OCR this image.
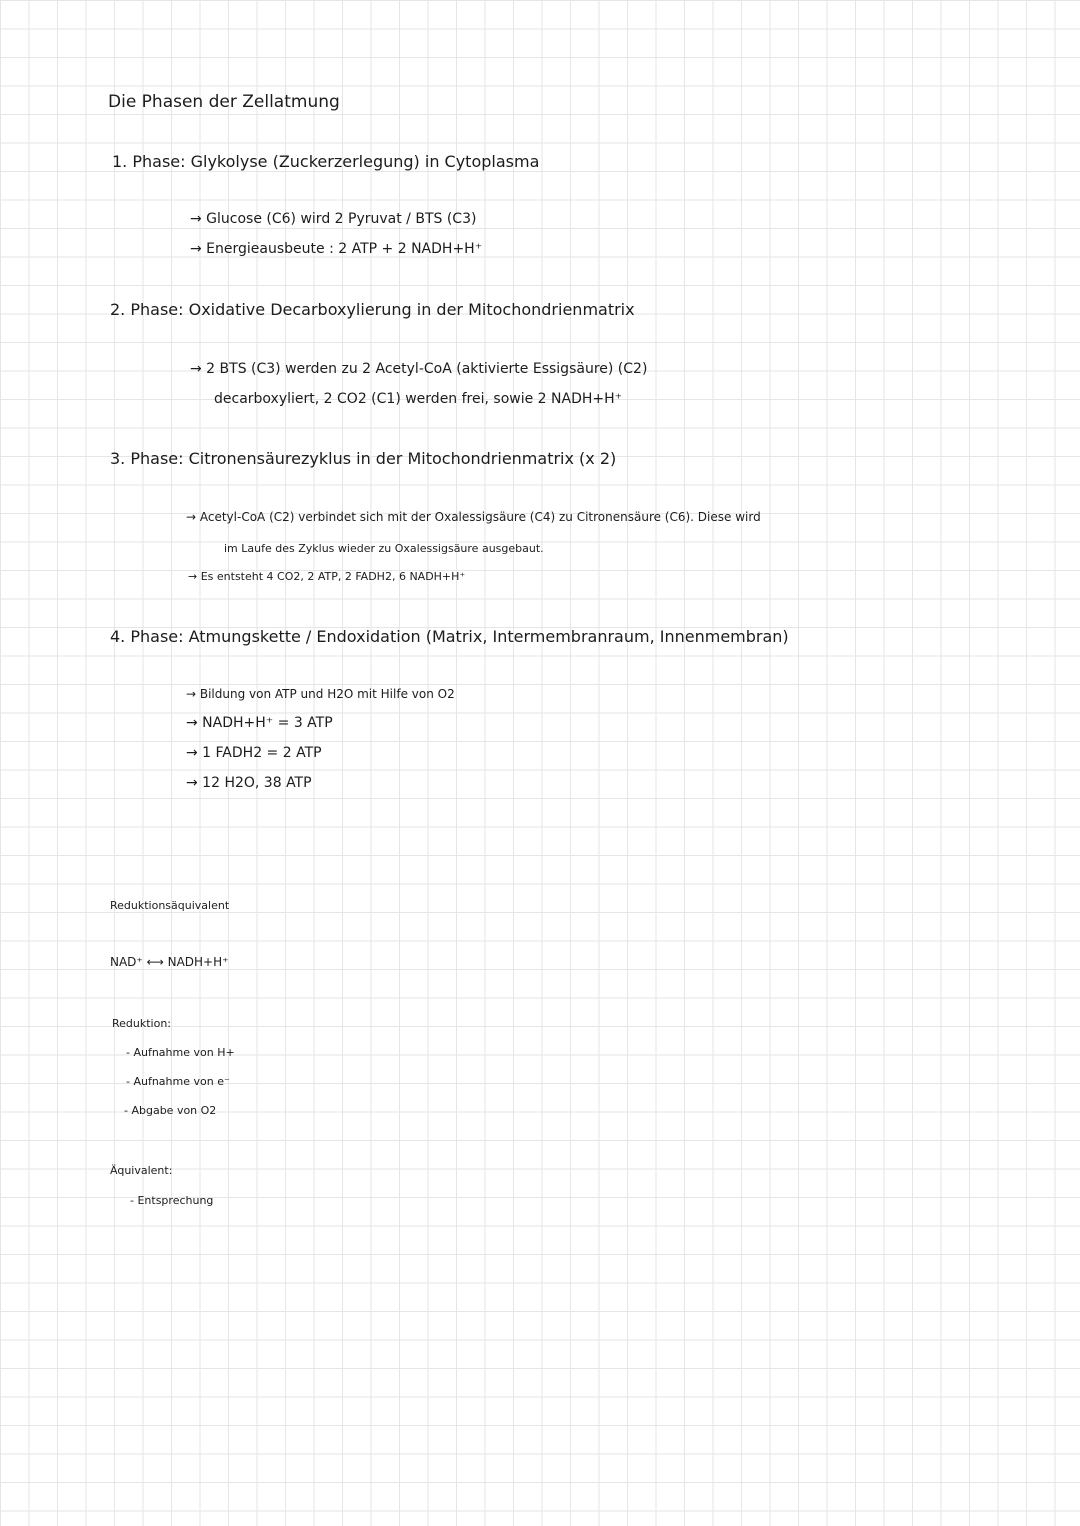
Die Phasen der Zellatmung
1. Phase: Glykolyse (Zuckerzerlegung) in Cytoplasma
→ Glucose (C6) wird 2 Pyruvat / BTS (C3)
→ Energieausbeute : 2 ATP + 2 NADH+H⁺
2. Phase: Oxidative Decarboxylierung in der Mitochondrienmatrix
→ 2 BTS (C3) werden zu 2 Acetyl-CoA (aktivierte Essigsäure) (C2)
decarboxyliert, 2 CO2 (C1) werden frei, sowie 2 NADH+H⁺
3. Phase: Citronensäurezyklus in der Mitochondrienmatrix (x 2)
→ Acetyl-CoA (C2) verbindet sich mit der Oxalessigsäure (C4) zu Citronensäure (C6). Diese wird
im Laufe des Zyklus wieder zu Oxalessigsäure ausgebaut.
→ Es entsteht 4 CO2, 2 ATP, 2 FADH2, 6 NADH+H⁺
4. Phase: Atmungskette / Endoxidation (Matrix, Intermembranraum, Innenmembran)
→ Bildung von ATP und H2O mit Hilfe von O2
→ NADH+H⁺ = 3 ATP
→ 1 FADH2 = 2 ATP
→ 12 H2O, 38 ATP
Reduktionsäquivalent
NAD⁺ ⟷ NADH+H⁺
Reduktion:
- Aufnahme von H+
- Aufnahme von e⁻
- Abgabe von O2
Äquivalent:
- Entsprechung
